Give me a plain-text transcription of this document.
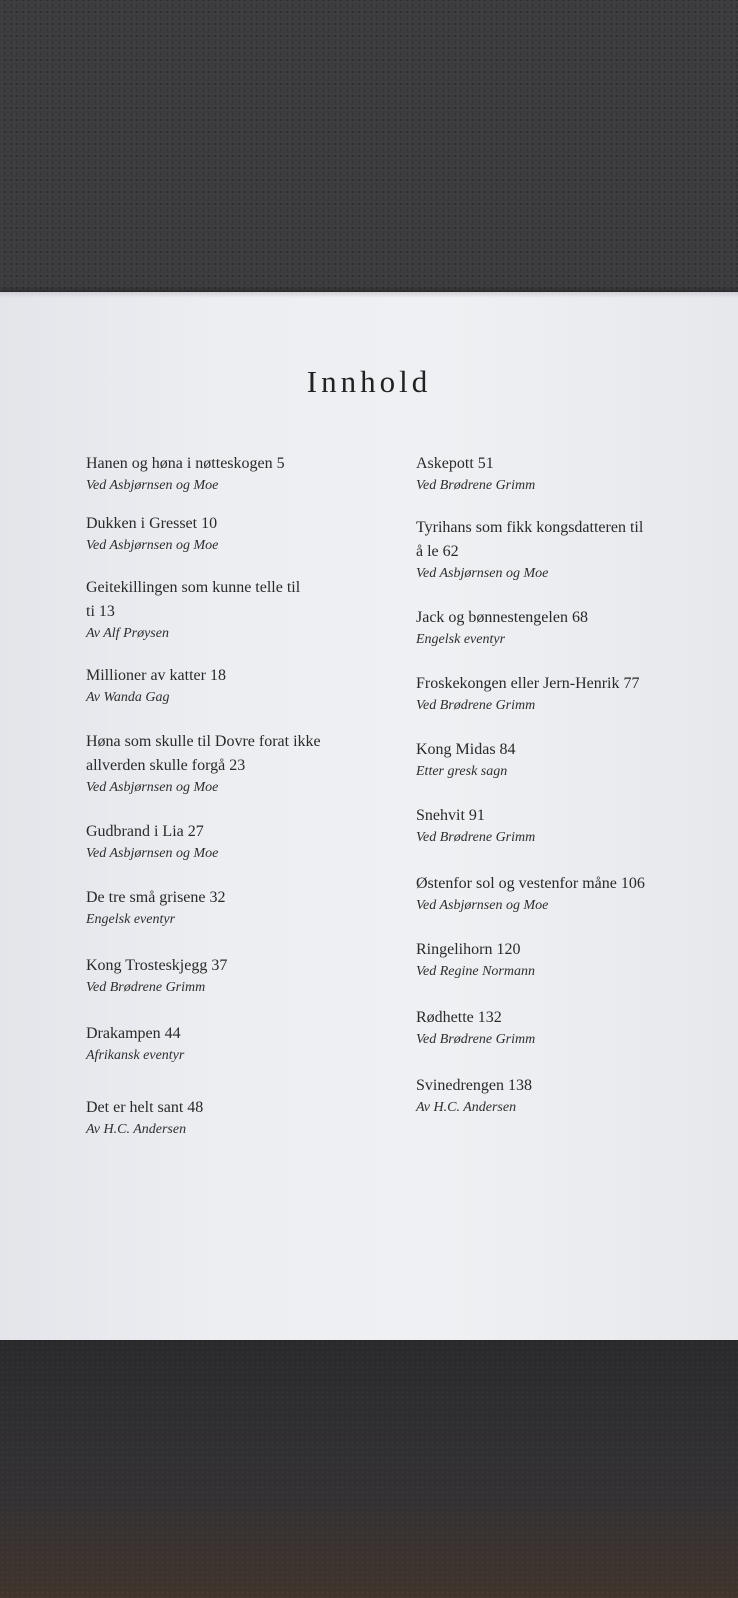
Innhold
Hanen og høna i nøtteskogen 5
Ved Asbjørnsen og Moe
Dukken i Gresset 10
Ved Asbjørnsen og Moe
Geitekillingen som kunne telle til
ti 13
Av Alf Prøysen
Millioner av katter 18
Av Wanda Gag
Høna som skulle til Dovre forat ikke
allverden skulle forgå 23
Ved Asbjørnsen og Moe
Gudbrand i Lia 27
Ved Asbjørnsen og Moe
De tre små grisene 32
Engelsk eventyr
Kong Trosteskjegg 37
Ved Brødrene Grimm
Drakampen 44
Afrikansk eventyr
Det er helt sant 48
Av H.C. Andersen
Askepott 51
Ved Brødrene Grimm
Tyrihans som fikk kongsdatteren til
å le 62
Ved Asbjørnsen og Moe
Jack og bønnestengelen 68
Engelsk eventyr
Froskekongen eller Jern-Henrik 77
Ved Brødrene Grimm
Kong Midas 84
Etter gresk sagn
Snehvit 91
Ved Brødrene Grimm
Østenfor sol og vestenfor måne 106
Ved Asbjørnsen og Moe
Ringelihorn 120
Ved Regine Normann
Rødhette 132
Ved Brødrene Grimm
Svinedrengen 138
Av H.C. Andersen
